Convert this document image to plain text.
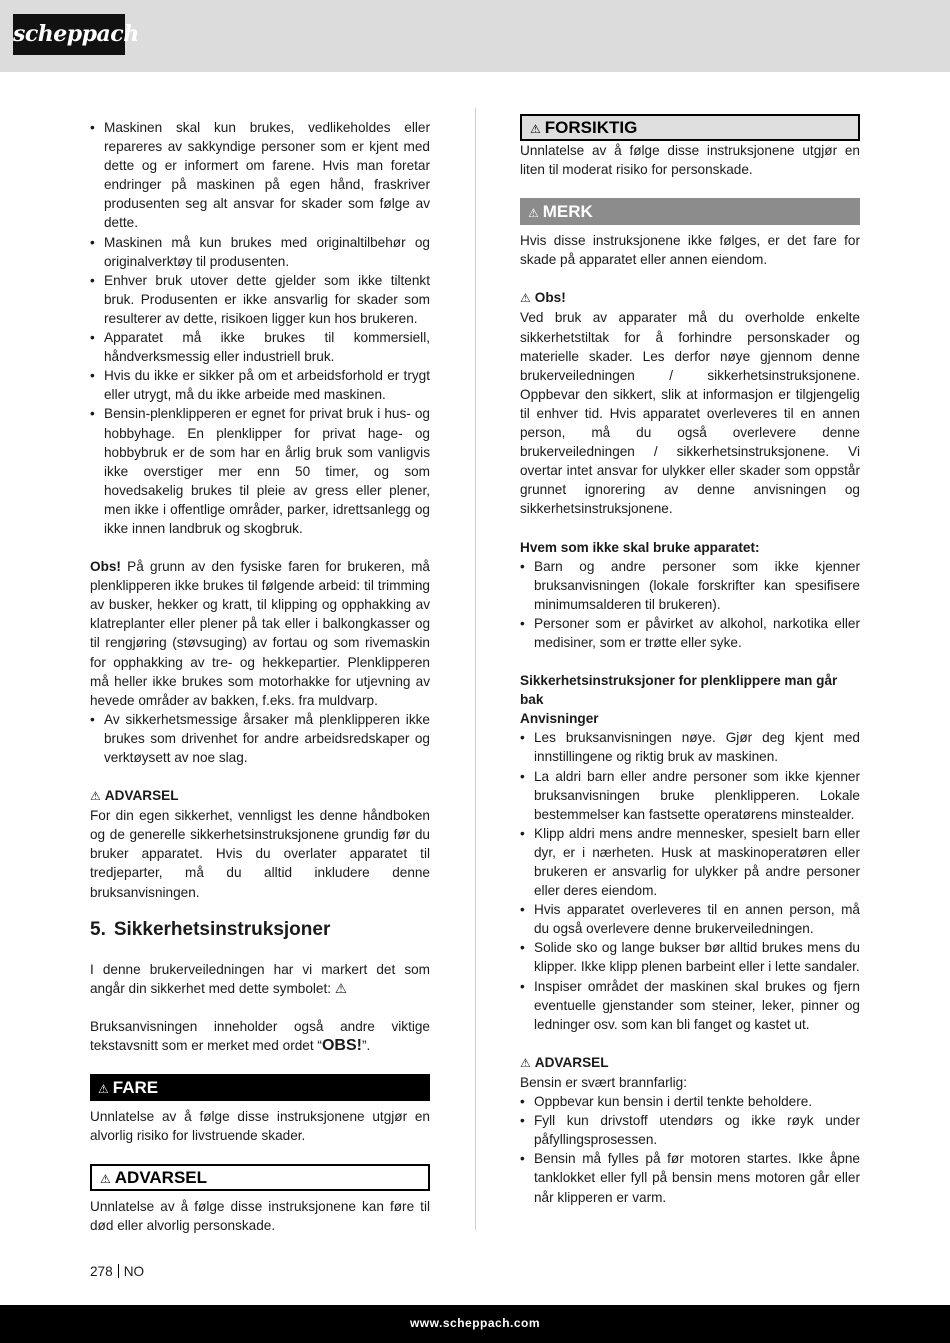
scheppach
• Maskinen skal kun brukes, vedlikeholdes eller repareres av sakkyndige personer som er kjent med dette og er informert om farene. Hvis man foretar endringer på maskinen på egen hånd, fraskriver produsenten seg alt ansvar for skader som følge av dette.
• Maskinen må kun brukes med originaltilbehør og originalverktøy til produsenten.
• Enhver bruk utover dette gjelder som ikke tiltenkt bruk. Produsenten er ikke ansvarlig for skader som resulterer av dette, risikoen ligger kun hos brukeren.
• Apparatet må ikke brukes til kommersiell, håndverksmessig eller industriell bruk.
• Hvis du ikke er sikker på om et arbeidsforhold er trygt eller utrygt, må du ikke arbeide med maskinen.
• Bensin-plenklipperen er egnet for privat bruk i hus- og hobbyhage. En plenklipper for privat hage- og hobbybruk er de som har en årlig bruk som vanligvis ikke overstiger mer enn 50 timer, og som hovedsakelig brukes til pleie av gress eller plener, men ikke i offentlige områder, parker, idrettsanlegg og ikke innen landbruk og skogbruk.

Obs! På grunn av den fysiske faren for brukeren, må plenklipperen ikke brukes til følgende arbeid: til trimming av busker, hekker og kratt, til klipping og opphakking av klatreplanter eller plener på tak eller i balkongkasser og til rengjøring (støvsuging) av fortau og som rivemaskin for opphakking av tre- og hekkepartier. Plenklipperen må heller ikke brukes som motorhakke for utjevning av hevede områder av bakken, f.eks. fra muldvarp.

• Av sikkerhetsmessige årsaker må plenklipperen ikke brukes som drivenhet for andre arbeidsredskaper og verktøysett av noe slag.

⚠ ADVARSEL

For din egen sikkerhet, vennligst les denne håndboken og de generelle sikkerhetsinstruksjonene grundig før du bruker apparatet. Hvis du overlater apparatet til tredjeparter, må du alltid inkludere denne bruksanvisningen.

5. Sikkerhetsinstruksjoner

I denne brukerveiledningen har vi markert det som angår din sikkerhet med dette symbolet: ⚠

Bruksanvisningen inneholder også andre viktige tekstavsnitt som er merket med ordet “OBS!”.

⚠ FARE

Unnlatelse av å følge disse instruksjonene utgjør en alvorlig risiko for livstruende skader.

⚠ ADVARSEL

Unnlatelse av å følge disse instruksjonene kan føre til død eller alvorlig personskade.

⚠ FORSIKTIG

Unnlatelse av å følge disse instruksjonene utgjør en liten til moderat risiko for personskade.

⚠ MERK

Hvis disse instruksjonene ikke følges, er det fare for skade på apparatet eller annen eiendom.

⚠ Obs!

Ved bruk av apparater må du overholde enkelte sikkerhetstiltak for å forhindre personskader og materielle skader. Les derfor nøye gjennom denne brukerveiledningen / sikkerhetsinstruksjonene. Oppbevar den sikkert, slik at informasjon er tilgjengelig til enhver tid. Hvis apparatet overleveres til en annen person, må du også overlevere denne brukerveiledningen / sikkerhetsinstruksjonene. Vi overtar intet ansvar for ulykker eller skader som oppstår grunnet ignorering av denne anvisningen og sikkerhetsinstruksjonene.

Hvem som ikke skal bruke apparatet:

• Barn og andre personer som ikke kjenner bruksanvisningen (lokale forskrifter kan spesifisere minimumsalderen til brukeren).
• Personer som er påvirket av alkohol, narkotika eller medisiner, som er trøtte eller syke.

Sikkerhetsinstruksjoner for plenklippere man går bak

Anvisninger

• Les bruksanvisningen nøye. Gjør deg kjent med innstillingene og riktig bruk av maskinen.
• La aldri barn eller andre personer som ikke kjenner bruksanvisningen bruke plenklipperen. Lokale bestemmelser kan fastsette operatørens minstealder.
• Klipp aldri mens andre mennesker, spesielt barn eller dyr, er i nærheten. Husk at maskinoperatøren eller brukeren er ansvarlig for ulykker på andre personer eller deres eiendom.
• Hvis apparatet overleveres til en annen person, må du også overlevere denne brukerveiledningen.
• Solide sko og lange bukser bør alltid brukes mens du klipper. Ikke klipp plenen barbeint eller i lette sandaler.
• Inspiser området der maskinen skal brukes og fjern eventuelle gjenstander som steiner, leker, pinner og ledninger osv. som kan bli fanget og kastet ut.

⚠ ADVARSEL

Bensin er svært brannfarlig:

• Oppbevar kun bensin i dertil tenkte beholdere.
• Fyll kun drivstoff utendørs og ikke røyk under påfyllingsprosessen.
• Bensin må fylles på før motoren startes. Ikke åpne tanklokket eller fyll på bensin mens motoren går eller når klipperen er varm.
278 NO
www.scheppach.com
